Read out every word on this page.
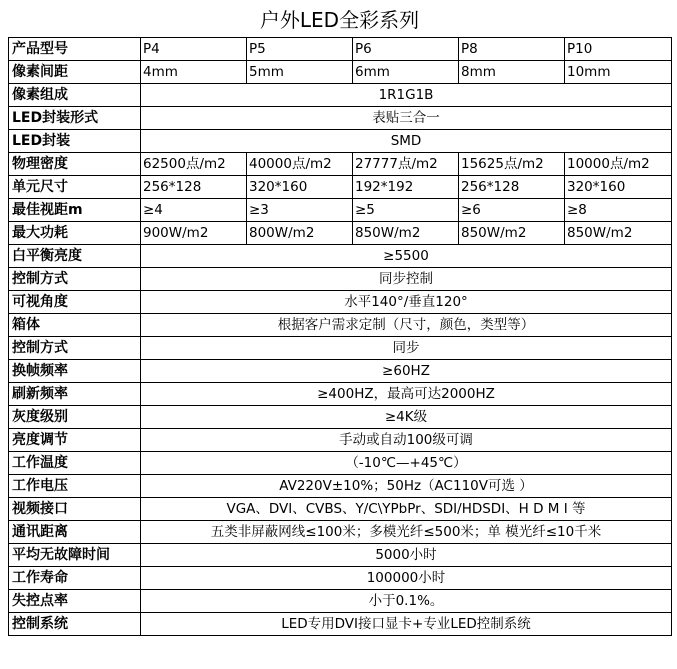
户外LED全彩系列
产品型号	P4	P5	P6	P8	P10
像素间距	4mm	5mm	6mm	8mm	10mm
像素组成	1R1G1B				
LED封装形式	表贴三合一				
LED封装	SMD				
物理密度	62500点/m2	40000点/m2	27777点/m2	15625点/m2	10000点/m2
单元尺寸	256*128	320*160	192*192	256*128	320*160
最佳视距m	≥4	≥3	≥5	≥6	≥8
最大功耗	900W/m2	800W/m2	850W/m2	850W/m2	850W/m2
白平衡亮度	≥5500				
控制方式	同步控制				
可视角度	水平140°/垂直120°				
箱体	根据客户需求定制（尺寸，颜色，类型等）				
控制方式	同步				
换帧频率	≥60HZ				
刷新频率	≥400HZ，最高可达2000HZ				
灰度级别	≥4K级				
亮度调节	手动或自动100级可调				
工作温度	（-10℃—+45℃）				
工作电压	AV220V±10%；50Hz（AC110V可选 ）				
视频接口	VGA、DVI、CVBS、Y/C\YPbPr、SDI/HDSDI、H D M I 等				
通讯距离	五类非屏蔽网线≤100米；多模光纤≤500米；单 模光纤≤10千米				
平均无故障时间	5000小时				
工作寿命	100000小时				
失控点率	小于0.1%。				
控制系统	LED专用DVI接口显卡+专业LED控制系统				
